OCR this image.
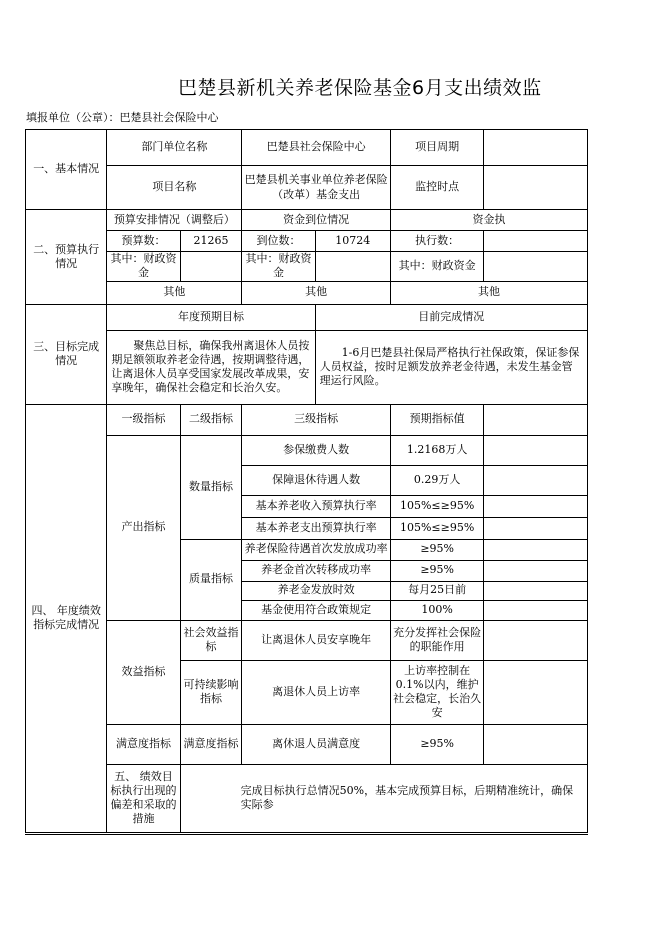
巴楚县新机关养老保险基金6月支出绩效监
填报单位（公章）：巴楚县社会保险中心
一、基本情况	部门单位名称		巴楚县社会保险中心		项目周期	
	项目名称		巴楚县机关事业单位养老保险（改革）基金支出		监控时点	
二、预算执行情况	预算安排情况（调整后）		资金到位情况		资金执	
	预算数：	21265	到位数：	10724	执行数：	
	其中：财政资金		其中：财政资金		其中：财政资金	
	其他		其他		其他	
三、目标完成情况	年度预期目标			目前完成情况		
	聚焦总目标，确保我州离退休人员按期足额领取养老金待遇，按期调整待遇，让离退休人员享受国家发展改革成果，安享晚年，确保社会稳定和长治久安。			1-6月巴楚县社保局严格执行社保政策，保证参保人员权益，按时足额发放养老金待遇，未发生基金管理运行风险。		
四、 年度绩效指标完成情况	一级指标	二级指标	三级指标		预期指标值	
	产出指标	数量指标	参保缴费人数		1.2168万人	
			保障退休待遇人数		0.29万人	
			基本养老收入预算执行率		105%≤≥95%	
			基本养老支出预算执行率		105%≤≥95%	
		质量指标	养老保险待遇首次发放成功率		≥95%	
			养老金首次转移成功率		≥95%	
			养老金发放时效		每月25日前	
			基金使用符合政策规定		100%	
	效益指标	社会效益指标	让离退休人员安享晚年		充分发挥社会保险的职能作用	
		可持续影响指标	离退休人员上访率		上访率控制在0.1%以内，维护社会稳定，长治久安	
	满意度指标	满意度指标	离休退人员满意度		≥95%	
	五、 绩效目标执行出现的偏差和采取的措施	完成目标执行总情况50%，基本完成预算目标，后期精准统计，确保实际参				
